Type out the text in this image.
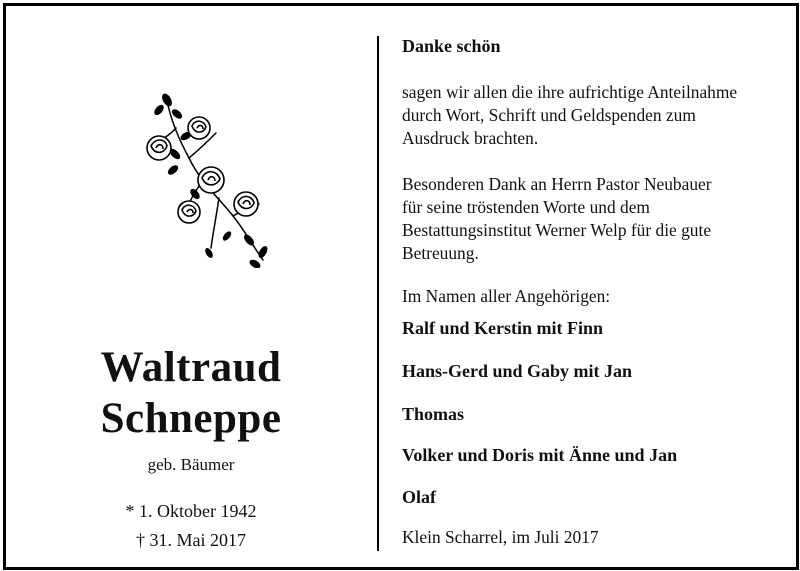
Waltraud
Schneppe
geb. Bäumer
* 1. Oktober 1942
† 31. Mai 2017
Danke schön
sagen wir allen die ihre aufrichtige Anteilnahme
durch Wort, Schrift und Geldspenden zum
Ausdruck brachten.
Besonderen Dank an Herrn Pastor Neubauer
für seine tröstenden Worte und dem
Bestattungsinstitut Werner Welp für die gute
Betreuung.
Im Namen aller Angehörigen:
Ralf und Kerstin mit Finn
Hans-Gerd und Gaby mit Jan
Thomas
Volker und Doris mit Änne und Jan
Olaf
Klein Scharrel, im Juli 2017
